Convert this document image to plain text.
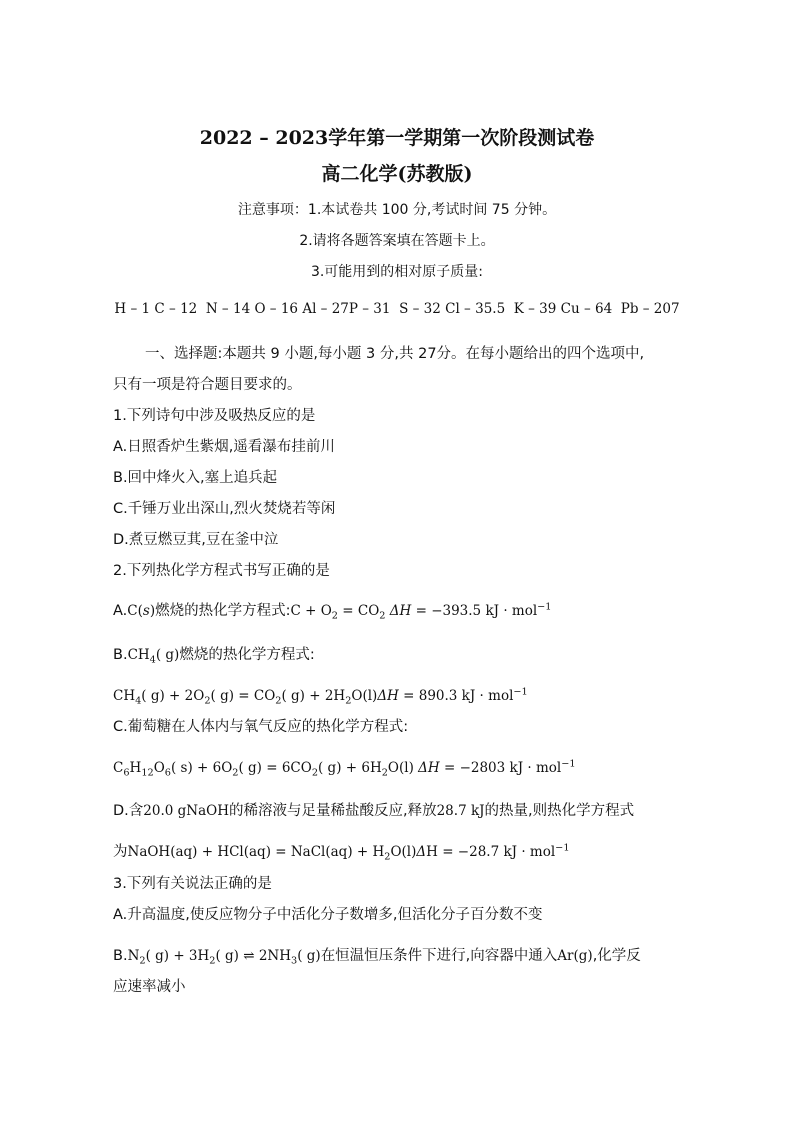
2022 – 2023学年第一学期第一次阶段测试卷
高二化学(苏教版)
注意事项：1.本试卷共 100 分,考试时间 75 分钟。
2.请将各题答案填在答题卡上。
3.可能用到的相对原子质量:
H – 1 C – 12  N – 14 O – 16 Al – 27P – 31  S – 32 Cl – 35.5  K – 39 Cu – 64  Pb – 207
一、选择题:本题共 9 小题,每小题 3 分,共 27分。在每小题给出的四个选项中,
只有一项是符合题目要求的。
1.下列诗句中涉及吸热反应的是
A.日照香炉生紫烟,遥看瀑布挂前川
B.回中烽火入,塞上追兵起
C.千锤万业出深山,烈火焚烧若等闲
D.煮豆燃豆萁,豆在釜中泣
2.下列热化学方程式书写正确的是
A.C(s)燃烧的热化学方程式:C + $O_2 = CO_2$ ΔH = −393.5 kJ · mol$^{-1}$
$B.CH_4$( g)燃烧的热化学方程式:
$CH_4$( $g) + 2O_2$( $g) = CO_2$( $g) + 2H_2O(l)\Delta H = 890.3$ kJ · mol$^{-1}$
C.葡萄糖在人体内与氧气反应的热化学方程式:
$C_6H_{12}O_6$( $s) + 6O_2$( $g) = 6CO_2$( $g) + 6H_2O(l) \Delta H = -2803$ kJ · mol$^{-1}$
D.含20.0 gNaOH的稀溶液与足量稀盐酸反应,释放28.7 kJ的热量,则热化学方程式
为NaOH(aq) + HCl(aq) = NaCl(aq) + $H_2O(l)\Delta H = -28.7$ kJ · mol$^{-1}$
3.下列有关说法正确的是
A.升高温度,使反应物分子中活化分子数增多,但活化分子百分数不变
$B.N_2$( $g) + 3H_2$( g) ⇌ $2NH_3$( g)在恒温恒压条件下进行,向容器中通入Ar(g),化学反
应速率减小
